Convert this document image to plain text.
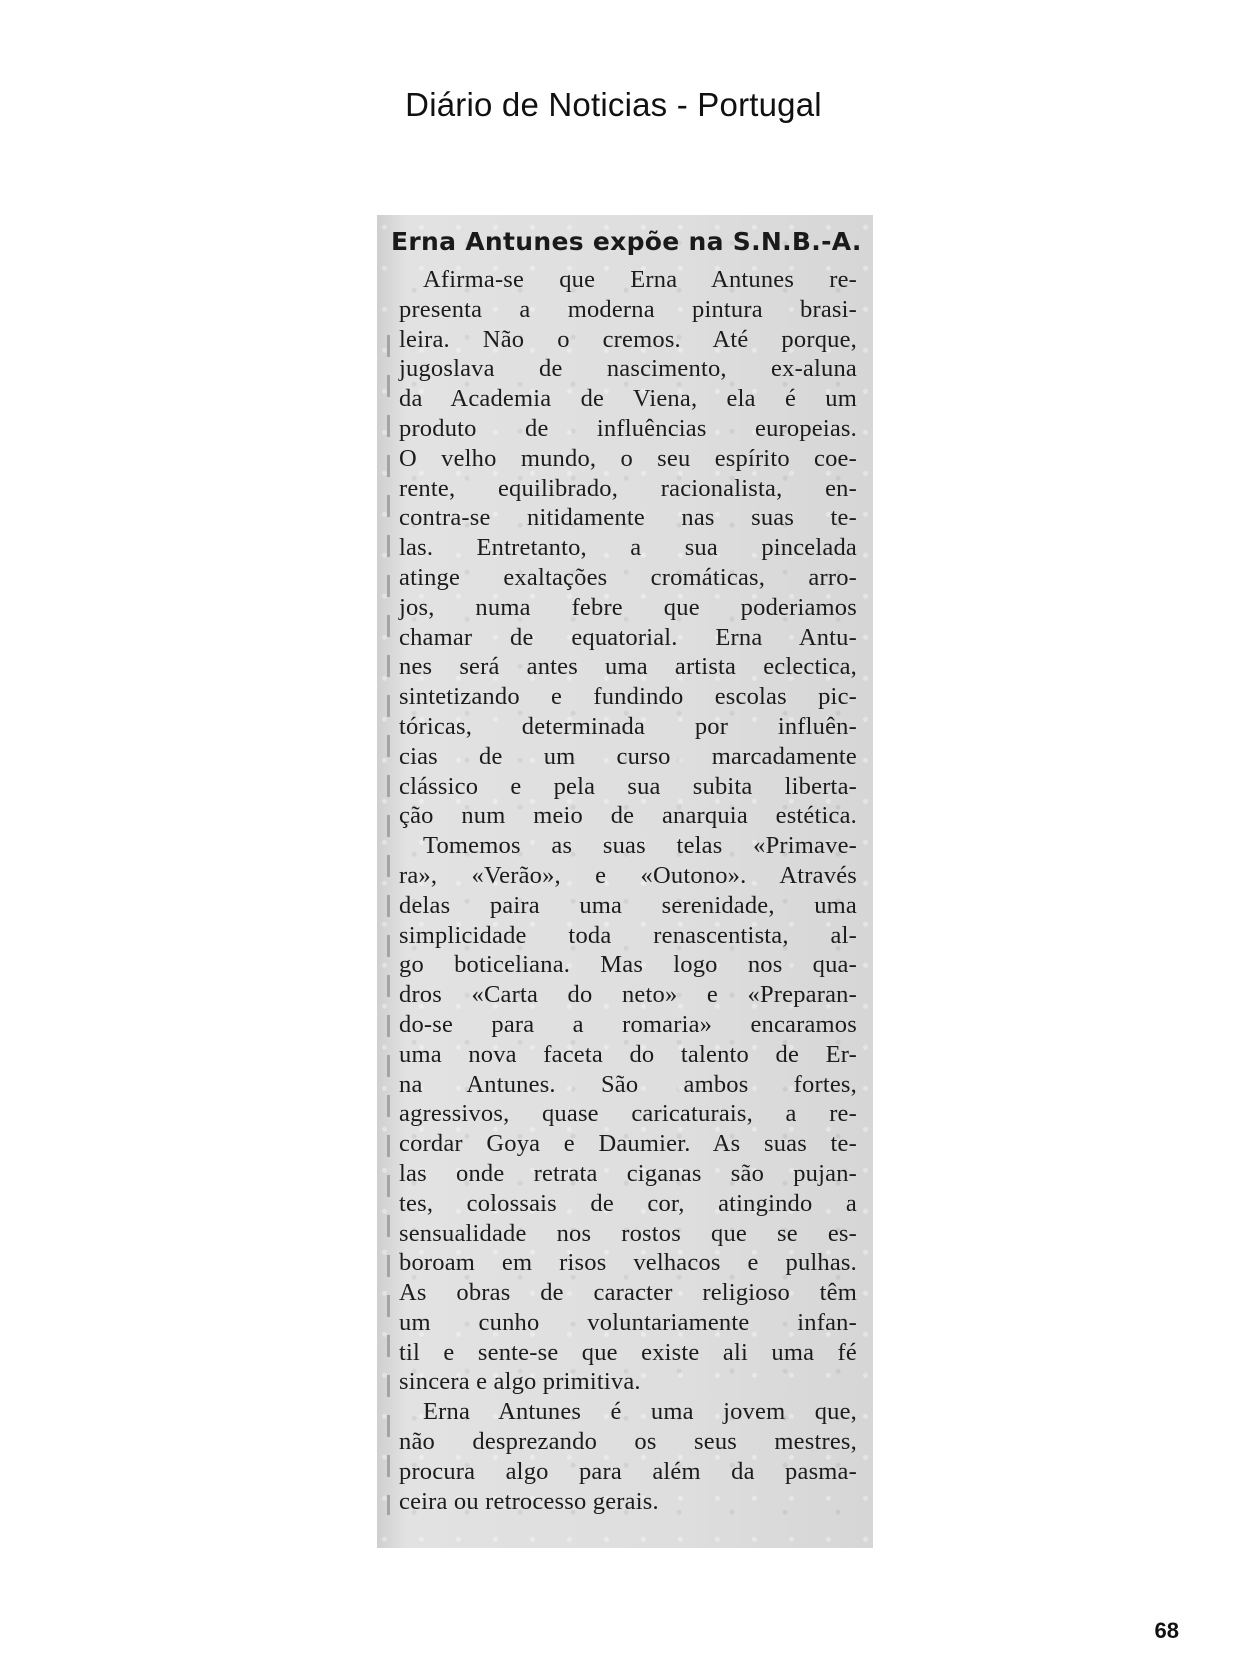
Diário de Noticias - Portugal
Erna Antunes expõe na S.N.B.-A.
Afirma-se que Erna Antunes re-
presenta a moderna pintura brasi-
leira. Não o cremos. Até porque,
jugoslava de nascimento, ex-aluna
da Academia de Viena, ela é um
produto de influências europeias.
O velho mundo, o seu espírito coe-
rente, equilibrado, racionalista, en-
contra-se nitidamente nas suas te-
las. Entretanto, a sua pincelada
atinge exaltações cromáticas, arro-
jos, numa febre que poderiamos
chamar de equatorial. Erna Antu-
nes será antes uma artista eclectica,
sintetizando e fundindo escolas pic-
tóricas, determinada por influên-
cias de um curso marcadamente
clássico e pela sua subita liberta-
ção num meio de anarquia estética.
Tomemos as suas telas «Primave-
ra», «Verão», e «Outono». Através
delas paira uma serenidade, uma
simplicidade toda renascentista, al-
go boticeliana. Mas logo nos qua-
dros «Carta do neto» e «Preparan-
do-se para a romaria» encaramos
uma nova faceta do talento de Er-
na Antunes. São ambos fortes,
agressivos, quase caricaturais, a re-
cordar Goya e Daumier. As suas te-
las onde retrata ciganas são pujan-
tes, colossais de cor, atingindo a
sensualidade nos rostos que se es-
boroam em risos velhacos e pulhas.
As obras de caracter religioso têm
um cunho voluntariamente infan-
til e sente-se que existe ali uma fé
sincera e algo primitiva.
Erna Antunes é uma jovem que,
não desprezando os seus mestres,
procura algo para além da pasma-
ceira ou retrocesso gerais.
68
